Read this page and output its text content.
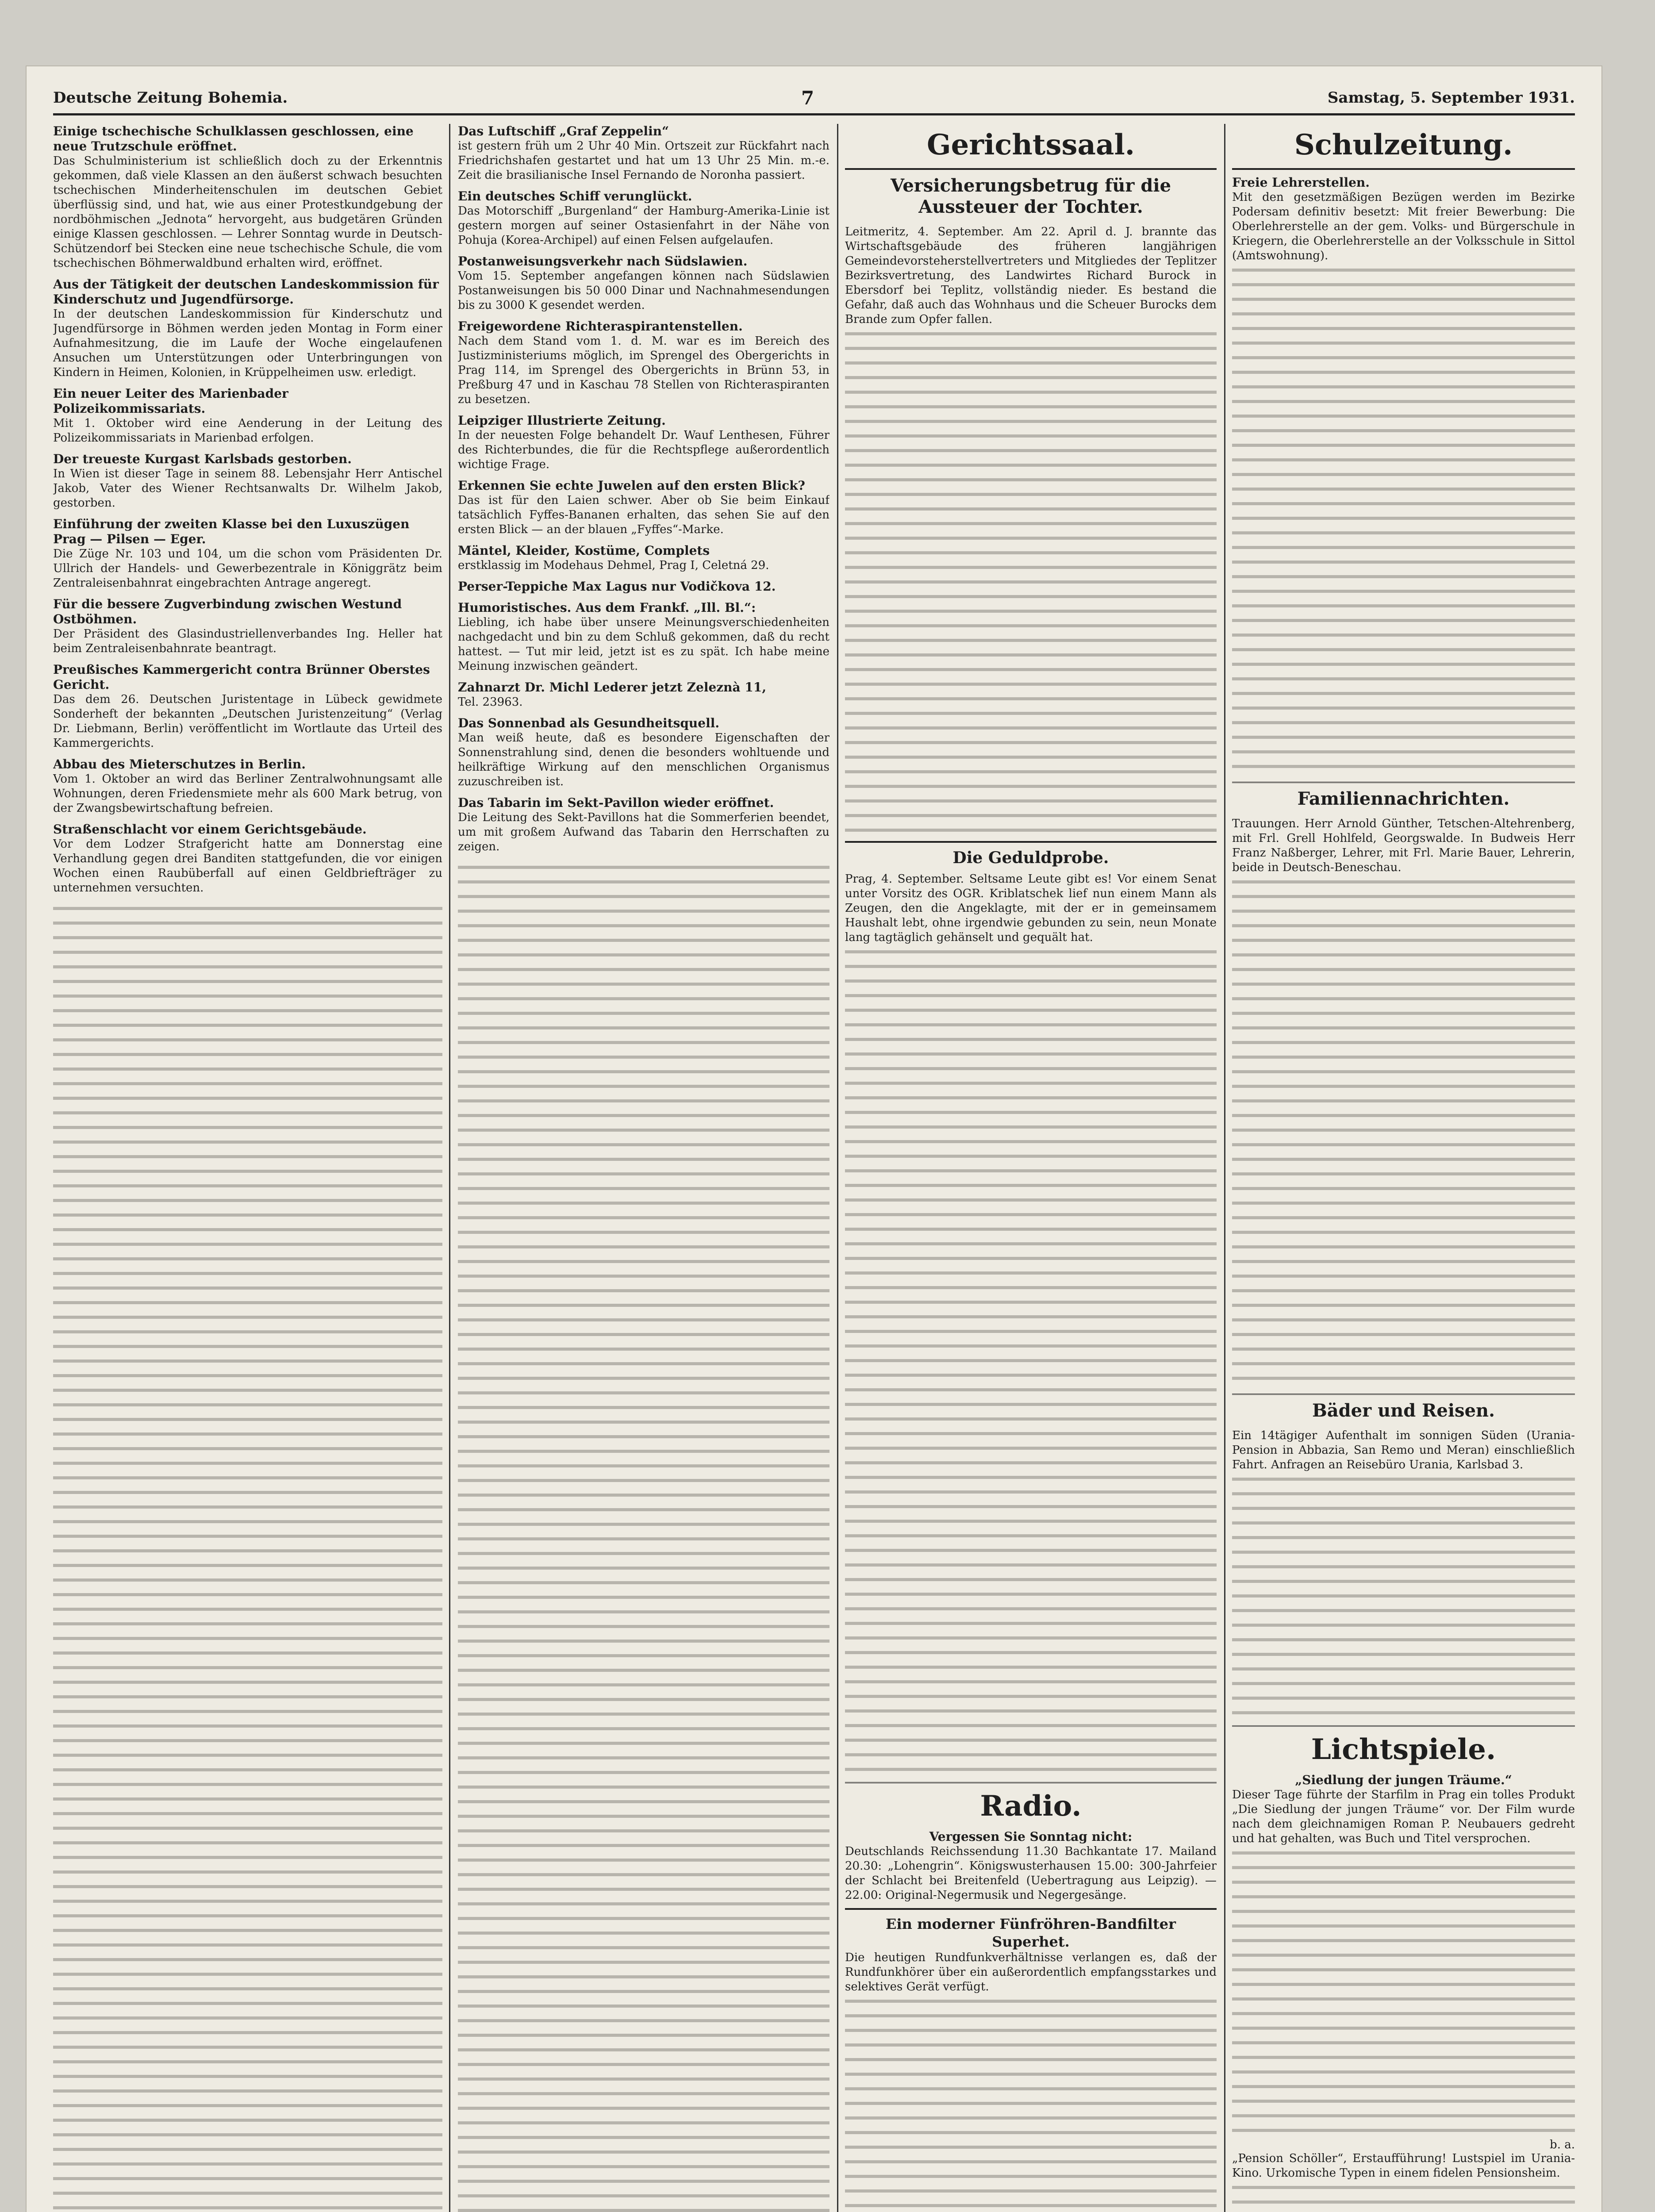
Deutsche Zeitung Bohemia.	7	Samstag, 5. September 1931.
Einige tschechische Schulklassen geschlossen, eine neue Trutzschule eröffnet.
Das Schulministerium ist schließlich doch zu der Erkenntnis gekommen, daß viele Klassen an den äußerst schwach besuchten tschechischen Minderheitenschulen im deutschen Gebiet überflüssig sind, und hat, wie aus einer Protestkundgebung der nordböhmischen „Jednota“ hervorgeht, aus budgetären Gründen einige Klassen geschlossen. — Lehrer Sonntag wurde in Deutsch-Schützendorf bei Stecken eine neue tschechische Schule, die vom tschechischen Böhmerwaldbund erhalten wird, eröffnet.
Aus der Tätigkeit der deutschen Landeskommission für Kinderschutz und Jugendfürsorge.
In der deutschen Landeskommission für Kinderschutz und Jugendfürsorge in Böhmen werden jeden Montag in Form einer Aufnahmesitzung, die im Laufe der Woche eingelaufenen Ansuchen um Unterstützungen oder Unterbringungen von Kindern in Heimen, Kolonien, in Krüppelheimen usw. erledigt.
Ein neuer Leiter des Marienbader Polizeikommissariats.
Mit 1. Oktober wird eine Aenderung in der Leitung des Polizeikommissariats in Marienbad erfolgen.
Der treueste Kurgast Karlsbads gestorben.
In Wien ist dieser Tage in seinem 88. Lebensjahr Herr Antischel Jakob, Vater des Wiener Rechtsanwalts Dr. Wilhelm Jakob, gestorben.
Einführung der zweiten Klasse bei den Luxuszügen Prag — Pilsen — Eger.
Die Züge Nr. 103 und 104, um die schon vom Präsidenten Dr. Ullrich der Handels- und Gewerbezentrale in Königgrätz beim Zentraleisenbahnrat eingebrachten Antrage angeregt.
Für die bessere Zugverbindung zwischen Westund Ostböhmen.
Der Präsident des Glasindustriellenverbandes Ing. Heller hat beim Zentraleisenbahnrate beantragt.
Preußisches Kammergericht contra Brünner Oberstes Gericht.
Das dem 26. Deutschen Juristentage in Lübeck gewidmete Sonderheft der bekannten „Deutschen Juristenzeitung“ (Verlag Dr. Liebmann, Berlin) veröffentlicht im Wortlaute das Urteil des Kammergerichts.
Abbau des Mieterschutzes in Berlin.
Vom 1. Oktober an wird das Berliner Zentralwohnungsamt alle Wohnungen, deren Friedensmiete mehr als 600 Mark betrug, von der Zwangsbewirtschaftung befreien.
Straßenschlacht vor einem Gerichtsgebäude.
Vor dem Lodzer Strafgericht hatte am Donnerstag eine Verhandlung gegen drei Banditen stattgefunden, die vor einigen Wochen einen Raubüberfall auf einen Geldbriefträger zu unternehmen versuchten.
Das Luftschiff „Graf Zeppelin“
ist gestern früh um 2 Uhr 40 Min. Ortszeit zur Rückfahrt nach Friedrichshafen gestartet und hat um 13 Uhr 25 Min. m.-e. Zeit die brasilianische Insel Fernando de Noronha passiert.
Ein deutsches Schiff verunglückt.
Das Motorschiff „Burgenland“ der Hamburg-Amerika-Linie ist gestern morgen auf seiner Ostasienfahrt in der Nähe von Pohuja (Korea-Archipel) auf einen Felsen aufgelaufen.
Postanweisungsverkehr nach Südslawien.
Vom 15. September angefangen können nach Südslawien Postanweisungen bis 50 000 Dinar und Nachnahmesendungen bis zu 3000 K gesendet werden.
Freigewordene Richteraspirantenstellen.
Nach dem Stand vom 1. d. M. war es im Bereich des Justizministeriums möglich, im Sprengel des Obergerichts in Prag 114, im Sprengel des Obergerichts in Brünn 53, in Preßburg 47 und in Kaschau 78 Stellen von Richteraspiranten zu besetzen.
Leipziger Illustrierte Zeitung.
In der neuesten Folge behandelt Dr. Wauf Lenthesen, Führer des Richterbundes, die für die Rechtspflege außerordentlich wichtige Frage.
Erkennen Sie echte Juwelen auf den ersten Blick?
Das ist für den Laien schwer. Aber ob Sie beim Einkauf tatsächlich Fyffes-Bananen erhalten, das sehen Sie auf den ersten Blick — an der blauen „Fyffes“-Marke.
Mäntel, Kleider, Kostüme, Complets
erstklassig im Modehaus Dehmel, Prag I, Celetná 29.
Perser-Teppiche Max Lagus nur Vodičkova 12.
Humoristisches. Aus dem Frankf. „Ill. Bl.“:
Liebling, ich habe über unsere Meinungsverschiedenheiten nachgedacht und bin zu dem Schluß gekommen, daß du recht hattest. — Tut mir leid, jetzt ist es zu spät. Ich habe meine Meinung inzwischen geändert.
Zahnarzt Dr. Michl Lederer jetzt Zeleznà 11,
Tel. 23963.
Das Sonnenbad als Gesundheitsquell.
Man weiß heute, daß es besondere Eigenschaften der Sonnenstrahlung sind, denen die besonders wohltuende und heilkräftige Wirkung auf den menschlichen Organismus zuzuschreiben ist.
Das Tabarin im Sekt-Pavillon wieder eröffnet.
Die Leitung des Sekt-Pavillons hat die Sommerferien beendet, um mit großem Aufwand das Tabarin den Herrschaften zu zeigen.
Gerichtssaal.
Versicherungsbetrug für die Aussteuer der Tochter.
Leitmeritz, 4. September. Am 22. April d. J. brannte das Wirtschaftsgebäude des früheren langjährigen Gemeindevorsteherstellvertreters und Mitgliedes der Teplitzer Bezirksvertretung, des Landwirtes Richard Burock in Ebersdorf bei Teplitz, vollständig nieder. Es bestand die Gefahr, daß auch das Wohnhaus und die Scheuer Burocks dem Brande zum Opfer fallen.
Die Geduldprobe.
Prag, 4. September. Seltsame Leute gibt es! Vor einem Senat unter Vorsitz des OGR. Kriblatschek lief nun einem Mann als Zeugen, den die Angeklagte, mit der er in gemeinsamem Haushalt lebt, ohne irgendwie gebunden zu sein, neun Monate lang tagtäglich gehänselt und gequält hat.
Radio.
Vergessen Sie Sonntag nicht:
Deutschlands Reichssendung 11.30 Bachkantate 17. Mailand 20.30: „Lohengrin“. Königswusterhausen 15.00: 300-Jahrfeier der Schlacht bei Breitenfeld (Uebertragung aus Leipzig). — 22.00: Original-Negermusik und Negergesänge.
Ein moderner Fünfröhren-Bandfilter Superhet.
Die heutigen Rundfunkverhältnisse verlangen es, daß der Rundfunkhörer über ein außerordentlich empfangsstarkes und selektives Gerät verfügt.
Schulzeitung.
Freie Lehrerstellen.
Mit den gesetzmäßigen Bezügen werden im Bezirke Podersam definitiv besetzt: Mit freier Bewerbung: Die Oberlehrerstelle an der gem. Volks- und Bürgerschule in Kriegern, die Oberlehrerstelle an der Volksschule in Sittol (Amtswohnung).
Familiennachrichten.
Trauungen. Herr Arnold Günther, Tetschen-Altehrenberg, mit Frl. Grell Hohlfeld, Georgswalde. In Budweis Herr Franz Naßberger, Lehrer, mit Frl. Marie Bauer, Lehrerin, beide in Deutsch-Beneschau.
Bäder und Reisen.
Ein 14tägiger Aufenthalt im sonnigen Süden (Urania-Pension in Abbazia, San Remo und Meran) einschließlich Fahrt. Anfragen an Reisebüro Urania, Karlsbad 3.
Lichtspiele.
„Siedlung der jungen Träume.“
Dieser Tage führte der Starfilm in Prag ein tolles Produkt „Die Siedlung der jungen Träume“ vor. Der Film wurde nach dem gleichnamigen Roman P. Neubauers gedreht und hat gehalten, was Buch und Titel versprochen.
b. a.
„Pension Schöller“, Erstaufführung! Lustspiel im Urania-Kino. Urkomische Typen in einem fidelen Pensionsheim.
